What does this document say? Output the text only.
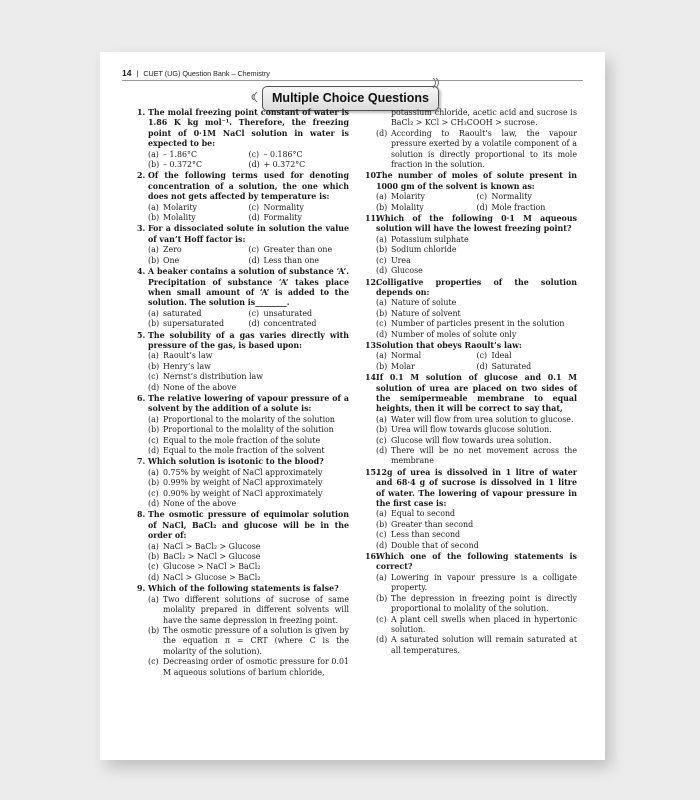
14 | CUET (UG) Question Bank – Chemistry
Multiple Choice Questions
1. The molal freezing point constant of water is 1.86 K kg mol⁻¹. Therefore, the freezing point of 0·1M NaCl solution in water is expected to be:
(a) – 1.86°C	(c) – 0.186°C
(b) – 0.372°C	(d) + 0.372°C
2. Of the following terms used for denoting concentration of a solution, the one which does not gets affected by temperature is:
(a) Molarity	(c) Normality
(b) Molality	(d) Formality
3. For a dissociated solute in solution the value of van’t Hoff factor is:
(a) Zero	(c) Greater than one
(b) One	(d) Less than one
4. A beaker contains a solution of substance ‘A’. Precipitation of substance ‘A’ takes place when small amount of ‘A’ is added to the solution. The solution is________.
(a) saturated	(c) unsaturated
(b) supersaturated	(d) concentrated
5. The solubility of a gas varies directly with pressure of the gas, is based upon:
(a) Raoult’s law
(b) Henry’s law
(c) Nernst’s distribution law
(d) None of the above
6. The relative lowering of vapour pressure of a solvent by the addition of a solute is:
(a) Proportional to the molarity of the solution
(b) Proportional to the molality of the solution
(c) Equal to the mole fraction of the solute
(d) Equal to the mole fraction of the solvent
7. Which solution is isotonic to the blood?
(a) 0.75% by weight of NaCl approximately
(b) 0.99% by weight of NaCl approximately
(c) 0.90% by weight of NaCl approximately
(d) None of the above
8. The osmotic pressure of equimolar solution of NaCl, BaCl₂ and glucose will be in the order of:
(a) NaCl > BaCl₂ > Glucose
(b) BaCl₂ > NaCl > Glucose
(c) Glucose > NaCl > BaCl₂
(d) NaCl > Glucose > BaCl₂
9. Which of the following statements is false?
(a) Two different solutions of sucrose of same molality prepared in different solvents will have the same depression in freezing point.
(b) The osmotic pressure of a solution is given by the equation π = CRT (where C is the molarity of the solution).
(c) Decreasing order of osmotic pressure for 0.01 M aqueous solutions of barium chloride,
potassium chloride, acetic acid and sucrose is BaCl₂ > KCl > CH₃COOH > sucrose.
(d) According to Raoult’s law, the vapour pressure exerted by a volatile component of a solution is directly proportional to its mole fraction in the solution.
10.
The number of moles of solute present in 1000 gm of the solvent is known as:
(a) Molarity	(c) Normality
(b) Molality	(d) Mole fraction
11.
Which of the following 0·1 M aqueous solution will have the lowest freezing point?
(a) Potassium sulphate
(b) Sodium chloride
(c) Urea
(d) Glucose
12.
Colligative properties of the solution depends on:
(a) Nature of solute
(b) Nature of solvent
(c) Number of particles present in the solution
(d) Number of moles of solute only
13.
Solution that obeys Raoult’s law:
(a) Normal	(c) Ideal
(b) Molar	(d) Saturated
14.
If 0.1 M solution of glucose and 0.1 M solution of urea are placed on two sides of the semipermeable membrane to equal heights, then it will be correct to say that,
(a) Water will flow from urea solution to glucose.
(b) Urea will flow towards glucose solution.
(c) Glucose will flow towards urea solution.
(d) There will be no net movement across the membrane
15.
12g of urea is dissolved in 1 litre of water and 68·4 g of sucrose is dissolved in 1 litre of water. The lowering of vapour pressure in the first case is:
(a) Equal to second
(b) Greater than second
(c) Less than second
(d) Double that of second
16.
Which one of the following statements is correct?
(a) Lowering in vapour pressure is a colligate property.
(b) The depression in freezing point is directly proportional to molality of the solution.
(c) A plant cell swells when placed in hypertonic solution.
(d) A saturated solution will remain saturated at all temperatures.
